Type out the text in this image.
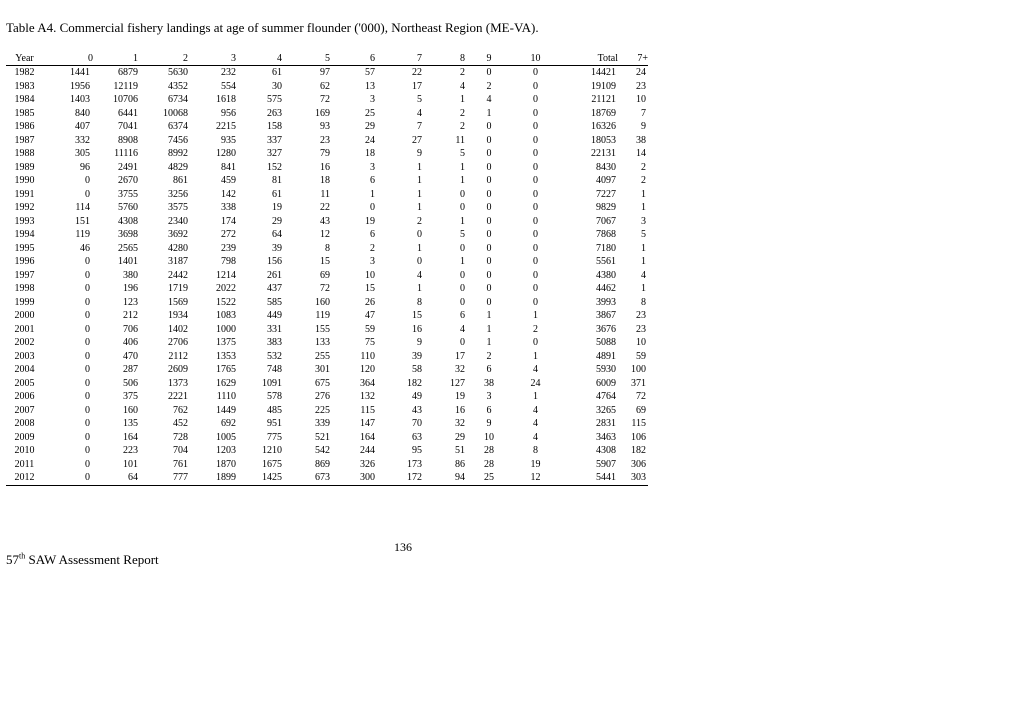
Table A4. Commercial fishery landings at age of summer flounder ('000), Northeast Region (ME-VA).
Year	0	1	2	3	4	5	6	7	8	9	10	Total	7+
1982	1441	6879	5630	232	61	97	57	22	2	0	0	14421	24
1983	1956	12119	4352	554	30	62	13	17	4	2	0	19109	23
1984	1403	10706	6734	1618	575	72	3	5	1	4	0	21121	10
1985	840	6441	10068	956	263	169	25	4	2	1	0	18769	7
1986	407	7041	6374	2215	158	93	29	7	2	0	0	16326	9
1987	332	8908	7456	935	337	23	24	27	11	0	0	18053	38
1988	305	11116	8992	1280	327	79	18	9	5	0	0	22131	14
1989	96	2491	4829	841	152	16	3	1	1	0	0	8430	2
1990	0	2670	861	459	81	18	6	1	1	0	0	4097	2
1991	0	3755	3256	142	61	11	1	1	0	0	0	7227	1
1992	114	5760	3575	338	19	22	0	1	0	0	0	9829	1
1993	151	4308	2340	174	29	43	19	2	1	0	0	7067	3
1994	119	3698	3692	272	64	12	6	0	5	0	0	7868	5
1995	46	2565	4280	239	39	8	2	1	0	0	0	7180	1
1996	0	1401	3187	798	156	15	3	0	1	0	0	5561	1
1997	0	380	2442	1214	261	69	10	4	0	0	0	4380	4
1998	0	196	1719	2022	437	72	15	1	0	0	0	4462	1
1999	0	123	1569	1522	585	160	26	8	0	0	0	3993	8
2000	0	212	1934	1083	449	119	47	15	6	1	1	3867	23
2001	0	706	1402	1000	331	155	59	16	4	1	2	3676	23
2002	0	406	2706	1375	383	133	75	9	0	1	0	5088	10
2003	0	470	2112	1353	532	255	110	39	17	2	1	4891	59
2004	0	287	2609	1765	748	301	120	58	32	6	4	5930	100
2005	0	506	1373	1629	1091	675	364	182	127	38	24	6009	371
2006	0	375	2221	1110	578	276	132	49	19	3	1	4764	72
2007	0	160	762	1449	485	225	115	43	16	6	4	3265	69
2008	0	135	452	692	951	339	147	70	32	9	4	2831	115
2009	0	164	728	1005	775	521	164	63	29	10	4	3463	106
2010	0	223	704	1203	1210	542	244	95	51	28	8	4308	182
2011	0	101	761	1870	1675	869	326	173	86	28	19	5907	306
2012	0	64	777	1899	1425	673	300	172	94	25	12	5441	303
136
57th SAW Assessment Report
